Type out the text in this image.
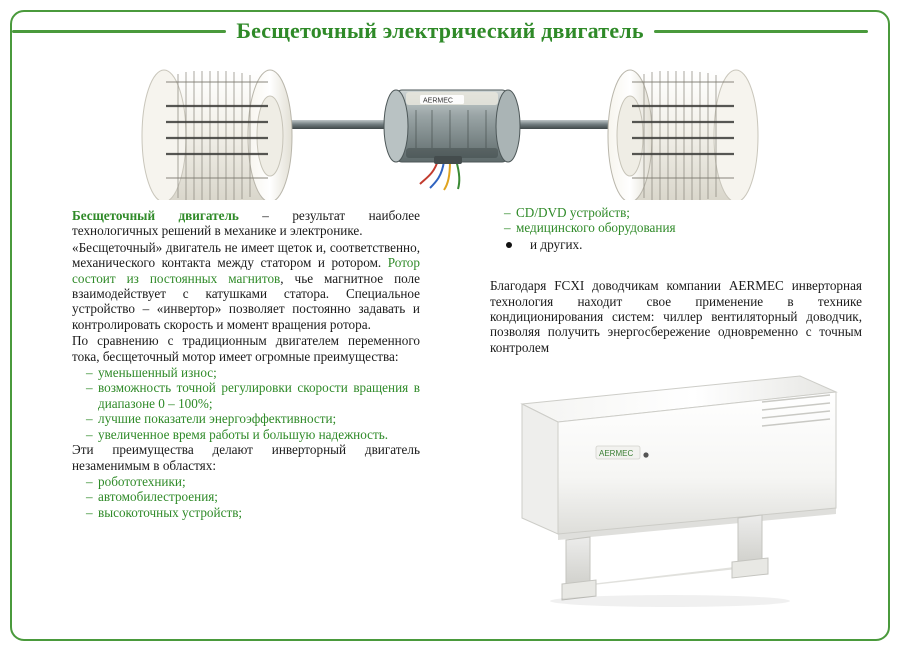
Бесщеточный электрический двигатель
AERMEC

Бесщеточный двигатель – результат наиболее технологичных решений в механике и электронике.

«Бесщеточный» двигатель не имеет щеток и, соответственно, механического контакта между статором и ротором. Ротор состоит из постоянных магнитов, чье магнитное поле взаимодействует с катушками статора. Специальное устройство – «инвертор» позволяет постоянно задавать и контролировать скорость и момент вращения ротора.

По сравнению с традиционным двигателем переменного тока, бесщеточный мотор имеет огромные преимущества:

– уменьшенный износ;
– возможность точной регулировки скорости вращения в диапазоне 0 – 100%;
– лучшие показатели энергоэффективности;
– увеличенное время работы и большую надежность.

Эти преимущества делают инверторный двигатель незаменимым в областях:

– робототехники;
– автомобилестроения;
– высокоточных устройств;
– CD/DVD устройств;
– медицинского оборудования
и других.

Благодаря FCXI доводчикам компании AERMEC инверторная технология находит свое применение в технике кондиционирования систем: чиллер вентиляторный доводчик, позволяя получить энергосбережение одновременно с точным контролем

AERMEC
